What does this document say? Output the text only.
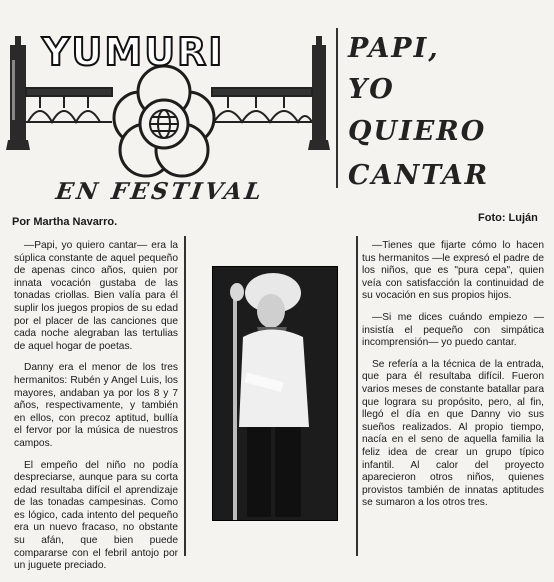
YUMURI
EN FESTIVAL
PAPI,
YO
QUIERO
CANTAR
Por Martha Navarro.	Foto: Luján

—Papi, yo quiero cantar— era la súplica constante de aquel pequeño de apenas cinco años, quien por innata vocación gustaba de las tonadas criollas. Bien valía para él suplir los juegos propios de su edad por el placer de las canciones que cada noche alegraban las tertulias de aquel hogar de poetas.

Danny era el menor de los tres hermanitos: Rubén y Angel Luis, los mayores, andaban ya por los 8 y 7 años, respectivamente, y también en ellos, con precoz aptitud, bullía el fervor por la música de nuestros campos.

El empeño del niño no podía despreciarse, aunque para su corta edad resultaba difícil el aprendizaje de las tonadas campesinas. Como es lógico, cada intento del pequeño era un nuevo fracaso, no obstante su afán, que bien puede compararse con el febril antojo por un juguete preciado.

—Tienes que fijarte cómo lo hacen tus hermanitos —le expresó el padre de los niños, que es "pura cepa", quien veía con satisfacción la continuidad de su vocación en sus propios hijos.

—Si me dices cuándo empiezo —insistía el pequeño con simpática incomprensión— yo puedo cantar.

Se refería a la técnica de la entrada, que para él resultaba difícil. Fueron varios meses de constante batallar para que lograra su propósito, pero, al fin, llegó el día en que Danny vio sus sueños realizados. Al propio tiempo, nacía en el seno de aquella familia la feliz idea de crear un grupo típico infantil. Al calor del proyecto aparecieron otros niños, quienes provistos también de innatas aptitudes se sumaron a los otros tres.
